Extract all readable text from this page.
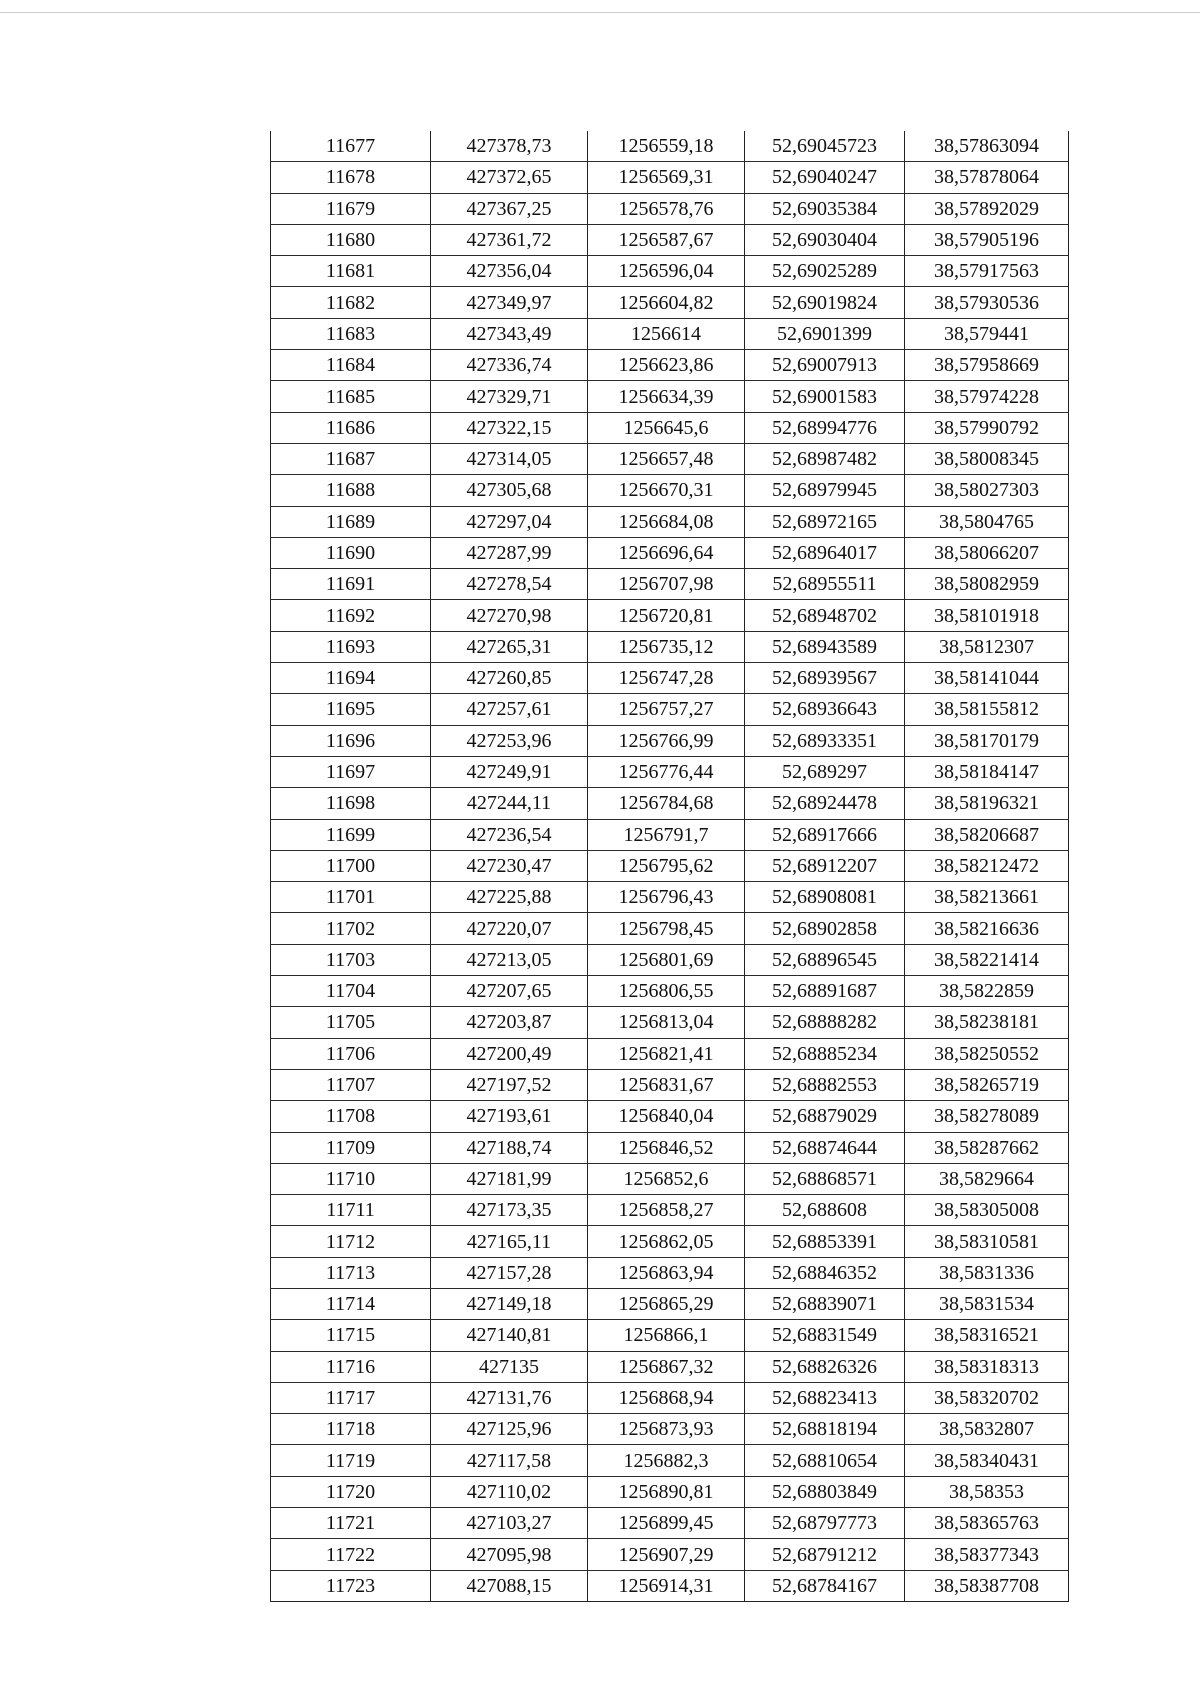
11677	427378,73	1256559,18	52,69045723	38,57863094
11678	427372,65	1256569,31	52,69040247	38,57878064
11679	427367,25	1256578,76	52,69035384	38,57892029
11680	427361,72	1256587,67	52,69030404	38,57905196
11681	427356,04	1256596,04	52,69025289	38,57917563
11682	427349,97	1256604,82	52,69019824	38,57930536
11683	427343,49	1256614	52,6901399	38,579441
11684	427336,74	1256623,86	52,69007913	38,57958669
11685	427329,71	1256634,39	52,69001583	38,57974228
11686	427322,15	1256645,6	52,68994776	38,57990792
11687	427314,05	1256657,48	52,68987482	38,58008345
11688	427305,68	1256670,31	52,68979945	38,58027303
11689	427297,04	1256684,08	52,68972165	38,5804765
11690	427287,99	1256696,64	52,68964017	38,58066207
11691	427278,54	1256707,98	52,68955511	38,58082959
11692	427270,98	1256720,81	52,68948702	38,58101918
11693	427265,31	1256735,12	52,68943589	38,5812307
11694	427260,85	1256747,28	52,68939567	38,58141044
11695	427257,61	1256757,27	52,68936643	38,58155812
11696	427253,96	1256766,99	52,68933351	38,58170179
11697	427249,91	1256776,44	52,689297	38,58184147
11698	427244,11	1256784,68	52,68924478	38,58196321
11699	427236,54	1256791,7	52,68917666	38,58206687
11700	427230,47	1256795,62	52,68912207	38,58212472
11701	427225,88	1256796,43	52,68908081	38,58213661
11702	427220,07	1256798,45	52,68902858	38,58216636
11703	427213,05	1256801,69	52,68896545	38,58221414
11704	427207,65	1256806,55	52,68891687	38,5822859
11705	427203,87	1256813,04	52,68888282	38,58238181
11706	427200,49	1256821,41	52,68885234	38,58250552
11707	427197,52	1256831,67	52,68882553	38,58265719
11708	427193,61	1256840,04	52,68879029	38,58278089
11709	427188,74	1256846,52	52,68874644	38,58287662
11710	427181,99	1256852,6	52,68868571	38,5829664
11711	427173,35	1256858,27	52,688608	38,58305008
11712	427165,11	1256862,05	52,68853391	38,58310581
11713	427157,28	1256863,94	52,68846352	38,5831336
11714	427149,18	1256865,29	52,68839071	38,5831534
11715	427140,81	1256866,1	52,68831549	38,58316521
11716	427135	1256867,32	52,68826326	38,58318313
11717	427131,76	1256868,94	52,68823413	38,58320702
11718	427125,96	1256873,93	52,68818194	38,5832807
11719	427117,58	1256882,3	52,68810654	38,58340431
11720	427110,02	1256890,81	52,68803849	38,58353
11721	427103,27	1256899,45	52,68797773	38,58365763
11722	427095,98	1256907,29	52,68791212	38,58377343
11723	427088,15	1256914,31	52,68784167	38,58387708
